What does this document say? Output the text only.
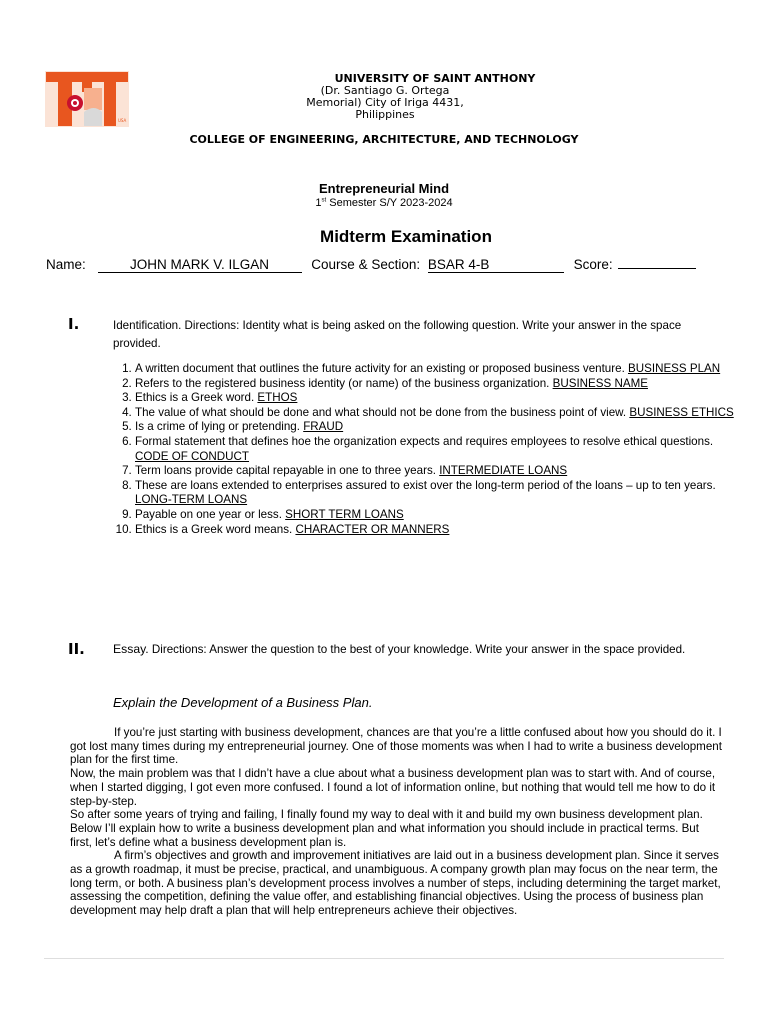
USA
UNIVERSITY OF SAINT ANTHONY
(Dr. Santiago G. Ortega
Memorial) City of Iriga 4431,
Philippines
COLLEGE OF ENGINEERING, ARCHITECTURE, AND TECHNOLOGY
Entrepreneurial Mind
1st Semester S/Y 2023-2024
Midterm Examination
Name:	JOHN MARK V. ILGAN	Course & Section: BSAR 4-B	Score:
I.	Identification. Directions: Identity what is being asked on the following question. Write your answer in the space provided.
1. A written document that outlines the future activity for an existing or proposed business venture. BUSINESS PLAN
2. Refers to the registered business identity (or name) of the business organization. BUSINESS NAME
3. Ethics is a Greek word. ETHOS
4. The value of what should be done and what should not be done from the business point of view. BUSINESS ETHICS
5. Is a crime of lying or pretending. FRAUD
6. Formal statement that defines hoe the organization expects and requires employees to resolve ethical questions. CODE OF CONDUCT
7. Term loans provide capital repayable in one to three years. INTERMEDIATE LOANS
8. These are loans extended to enterprises assured to exist over the long-term period of the loans – up to ten years. LONG-TERM LOANS
9. Payable on one year or less. SHORT TERM LOANS
10. Ethics is a Greek word means. CHARACTER OR MANNERS
II. Essay. Directions: Answer the question to the best of your knowledge. Write your answer in the space provided.
Explain the Development of a Business Plan.

If you’re just starting with business development, chances are that you’re a little confused about how you should do it. I got lost many times during my entrepreneurial journey. One of those moments was when I had to write a business development plan for the first time.

Now, the main problem was that I didn’t have a clue about what a business development plan was to start with. And of course, when I started digging, I got even more confused. I found a lot of information online, but nothing that would tell me how to do it step-by-step.

So after some years of trying and failing, I finally found my way to deal with it and build my own business development plan.

Below I’ll explain how to write a business development plan and what information you should include in practical terms. But first, let’s define what a business development plan is.

A firm’s objectives and growth and improvement initiatives are laid out in a business development plan. Since it serves as a growth roadmap, it must be precise, practical, and unambiguous. A company growth plan may focus on the near term, the long term, or both. A business plan’s development process involves a number of steps, including determining the target market, assessing the competition, defining the value offer, and establishing financial objectives. Using the process of business plan development may help draft a plan that will help entrepreneurs achieve their objectives.
